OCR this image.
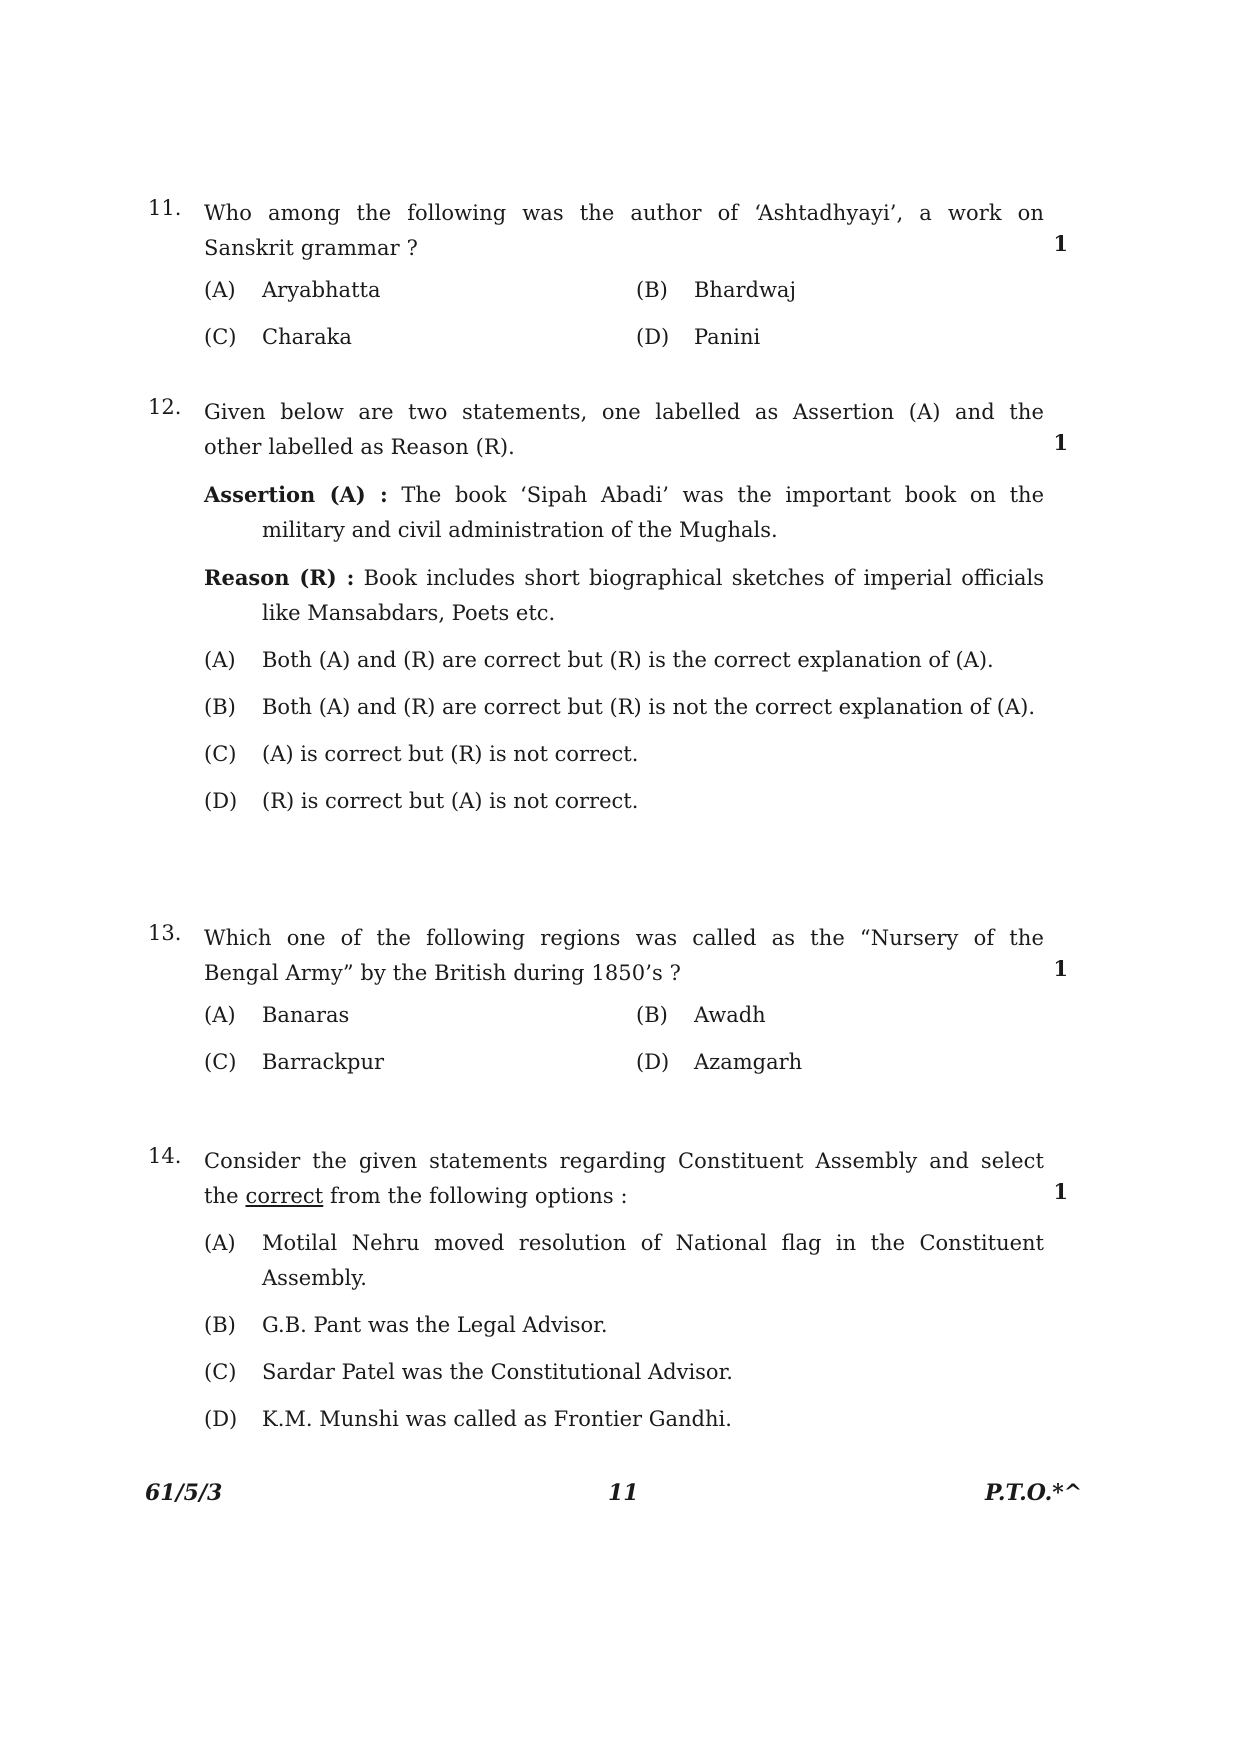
11. Who among the following was the author of ‘Ashtadhyayi’, a work on
Sanskrit grammar ?	1
(A)	Aryabhatta	(B)	Bhardwaj
(C)	Charaka	(D)	Panini
12. Given below are two statements, one labelled as Assertion (A) and the
other labelled as Reason (R).	1

Assertion (A) : The book ‘Sipah Abadi’ was the important book on the military and civil administration of the Mughals.

Reason (R) : Book includes short biographical sketches of imperial officials like Mansabdars, Poets etc.

(A)	Both (A) and (R) are correct but (R) is the correct explanation of (A).
(B)	Both (A) and (R) are correct but (R) is not the correct explanation of (A).
(C)	(A) is correct but (R) is not correct.
(D)	(R) is correct but (A) is not correct.
13. Which one of the following regions was called as the “Nursery of the
Bengal Army” by the British during 1850’s ?	1
(A)	Banaras	(B)	Awadh
(C)	Barrackpur	(D)	Azamgarh
14. Consider the given statements regarding Constituent Assembly and select
the correct from the following options :	1
(A)	Motilal Nehru moved resolution of National flag in the Constituent Assembly.
(B)	G.B. Pant was the Legal Advisor.
(C)	Sardar Patel was the Constitutional Advisor.
(D)	K.M. Munshi was called as Frontier Gandhi.
61/5/3	11	P.T.O.*^
